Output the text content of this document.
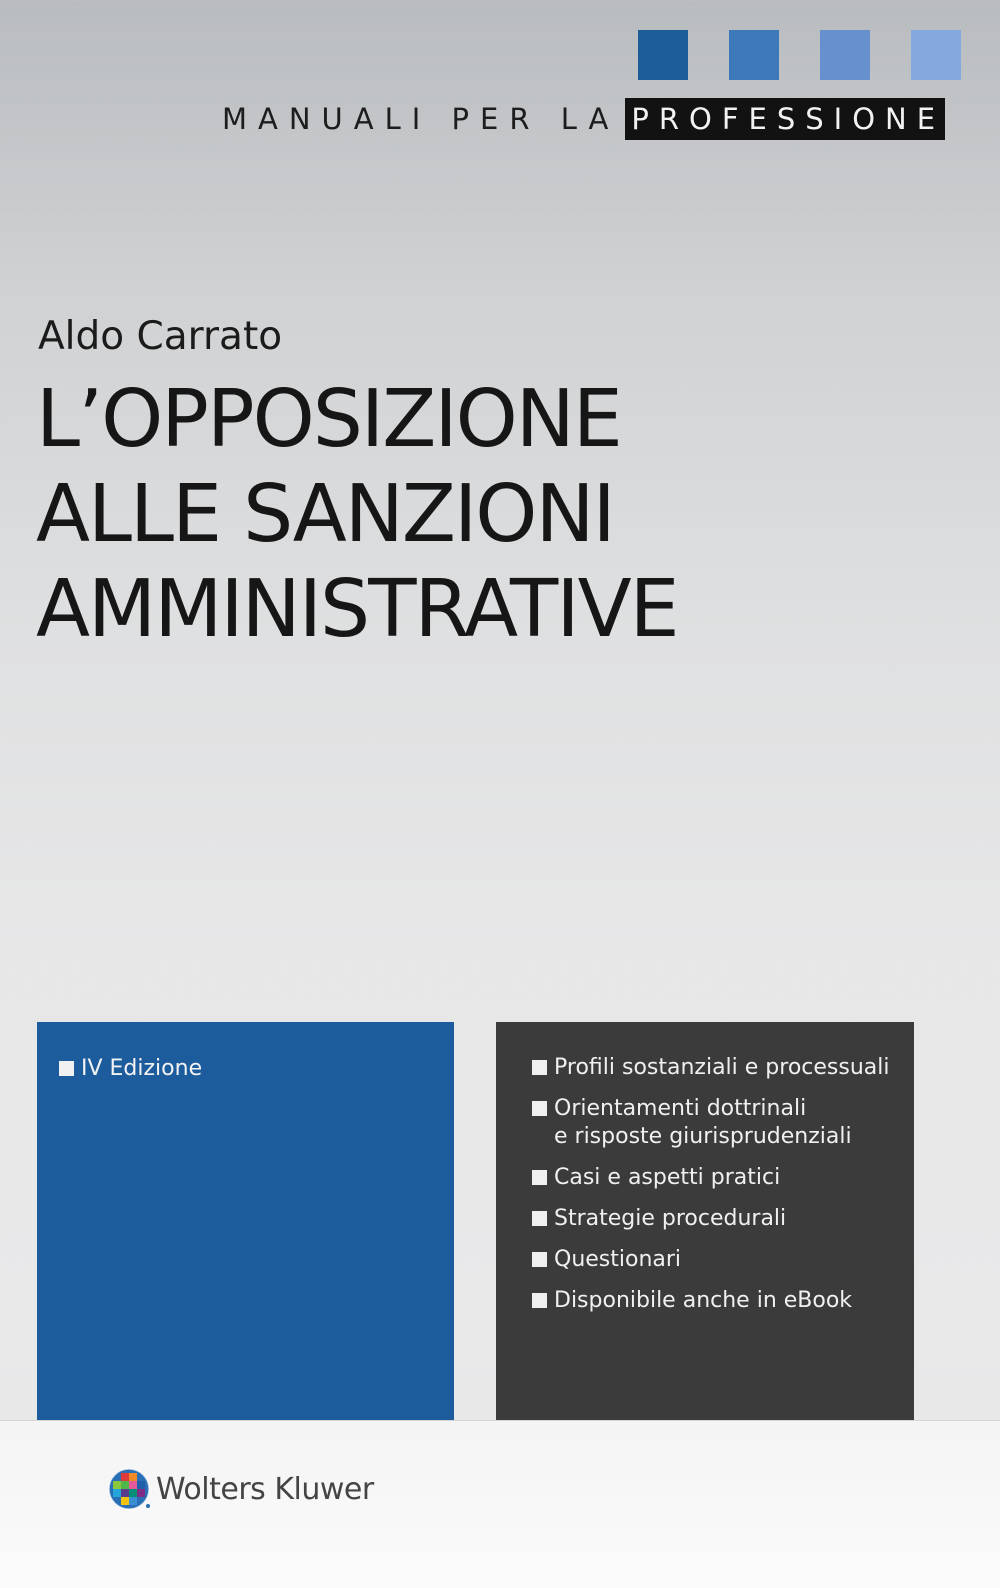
MANUALI PER LA PROFESSIONE
Aldo Carrato
L’OPPOSIZIONE
ALLE SANZIONI
AMMINISTRATIVE
IV Edizione	Profili sostanziali e processuali
Orientamenti dottrinali
e risposte giurisprudenziali
Casi e aspetti pratici
Strategie procedurali
Questionari
Disponibile anche in eBook
Wolters Kluwer
